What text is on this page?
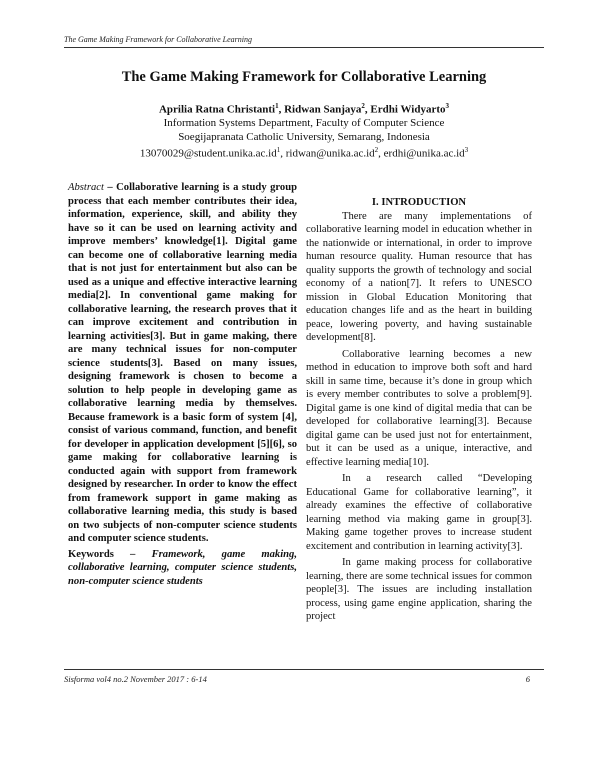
The Game Making Framework for Collaborative Learning
The Game Making Framework for Collaborative Learning
Aprilia Ratna Christanti$^1$, Ridwan Sanjaya$^2$, Erdhi Widyarto$^3$
Information Systems Department, Faculty of Computer Science
Soegijapranata Catholic University, Semarang, Indonesia
$13070029@student.unika.ac.id^1$, $ridwan@unika.ac.id^2$, $erdhi@unika.ac.id^3$

Abstract – Collaborative learning is a study group process that each member contributes their idea, information, experience, skill, and ability they have so it can be used on learning activity and improve members’ knowledge[1]. Digital game can become one of collaborative learning media that is not just for entertainment but also can be used as a unique and effective interactive learning media[2]. In conventional game making for collaborative learning, the research proves that it can improve excitement and contribution in learning activities[3]. But in game making, there are many technical issues for non-computer science students[3]. Based on many issues, designing framework is chosen to become a solution to help people in developing game as collaborative learning media by themselves. Because framework is a basic form of system [4], consist of various command, function, and benefit for developer in application development [5][6], so game making for collaborative learning is conducted again with support from framework designed by researcher. In order to know the effect from framework support in game making as collaborative learning media, this study is based on two subjects of non-computer science students and computer science students.

Keywords – Framework, game making, collaborative learning, computer science students, non-computer science students

I. INTRODUCTION

There are many implementations of collaborative learning model in education whether in the nationwide or international, in order to improve human resource quality. Human resource that has quality supports the growth of technology and social economy of a nation[7]. It refers to UNESCO mission in Global Education Monitoring that education changes life and as the heart in building peace, lowering poverty, and having sustainable development[8].

Collaborative learning becomes a new method in education to improve both soft and hard skill in same time, because it’s done in group which is every member contributes to solve a problem[9]. Digital game is one kind of digital media that can be developed for collaborative learning[3]. Because digital game can be used just not for entertainment, but it can be used as a unique, interactive, and effective learning media[10].

In a research called “Developing Educational Game for collaborative learning”, it already examines the effective of collaborative learning method via making game in group[3]. Making game together proves to increase student excitement and contribution in learning activity[3].

In game making process for collaborative learning, there are some technical issues for common people[3]. The issues are including installation process, using game engine application, sharing the project

Sisforma vol4 no.2 November 2017 : 6-14	6
